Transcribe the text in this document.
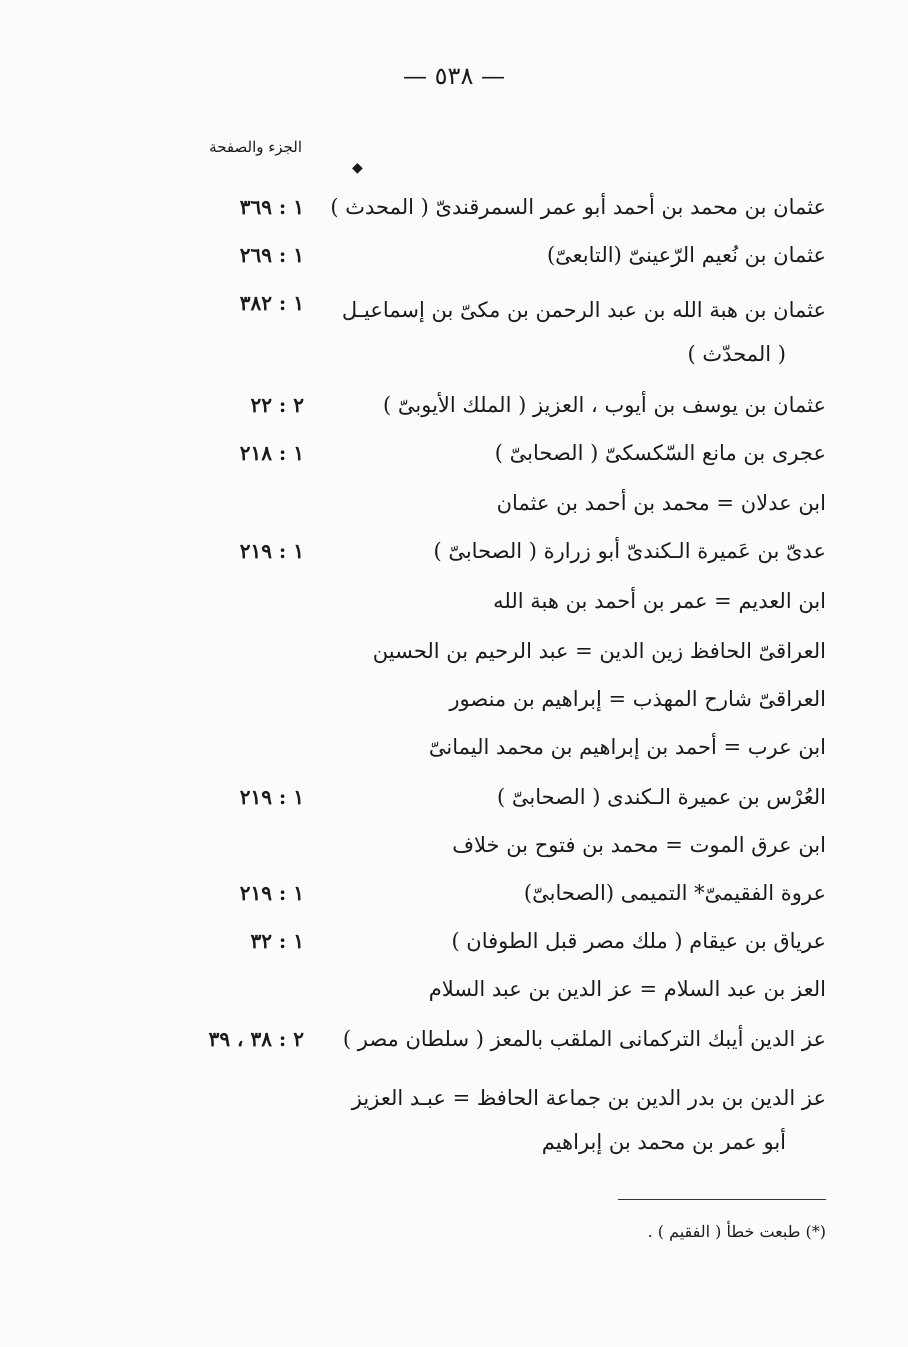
— ٥٣٨ —
الجزء والصفحة
◆
عثمان بن محمد بن أحمد أبو عمر السمرقندىّ ( المحدث )
١ : ٣٦٩
عثمان بن نُعيم الرّعينىّ (التابعىّ)
١ : ٢٦٩
عثمان بن هبة الله بن عبد الرحمن بن مكىّ بن إسماعيـل
( المحدّث )
١ : ٣٨٢
عثمان بن يوسف بن أيوب ، العزيز ( الملك الأيوبىّ )
٢ : ٢٢
عجرى بن مانع السّكسكىّ ( الصحابىّ )
١ : ٢١٨
ابن عدلان = محمد بن أحمد بن عثمان
عدىّ بن عَميرة الـكندىّ أبو زرارة ( الصحابىّ )
١ : ٢١٩
ابن العديم = عمر بن أحمد بن هبة الله
العراقىّ الحافظ زين الدين = عبد الرحيم بن الحسين
العراقىّ شارح المهذب = إبراهيم بن منصور
ابن عرب = أحمد بن إبراهيم بن محمد اليمانىّ
العُرْس بن عميرة الـكندى ( الصحابىّ )
١ : ٢١٩
ابن عرق الموت = محمد بن فتوح بن خلاف
عروة الفقيمىّ* التميمى (الصحابىّ)
١ : ٢١٩
عرياق بن عيقام ( ملك مصر قبل الطوفان )
١ : ٣٢
العز بن عبد السلام = عز الدين بن عبد السلام
عز الدين أيبك التركمانى الملقب بالمعز ( سلطان مصر )
٢ : ٣٨ ، ٣٩
عز الدين بن بدر الدين بن جماعة الحافظ = عبـد العزيز
أبو عمر بن محمد بن إبراهيم
(*) طبعت خطأ ( الفقيم ) .
